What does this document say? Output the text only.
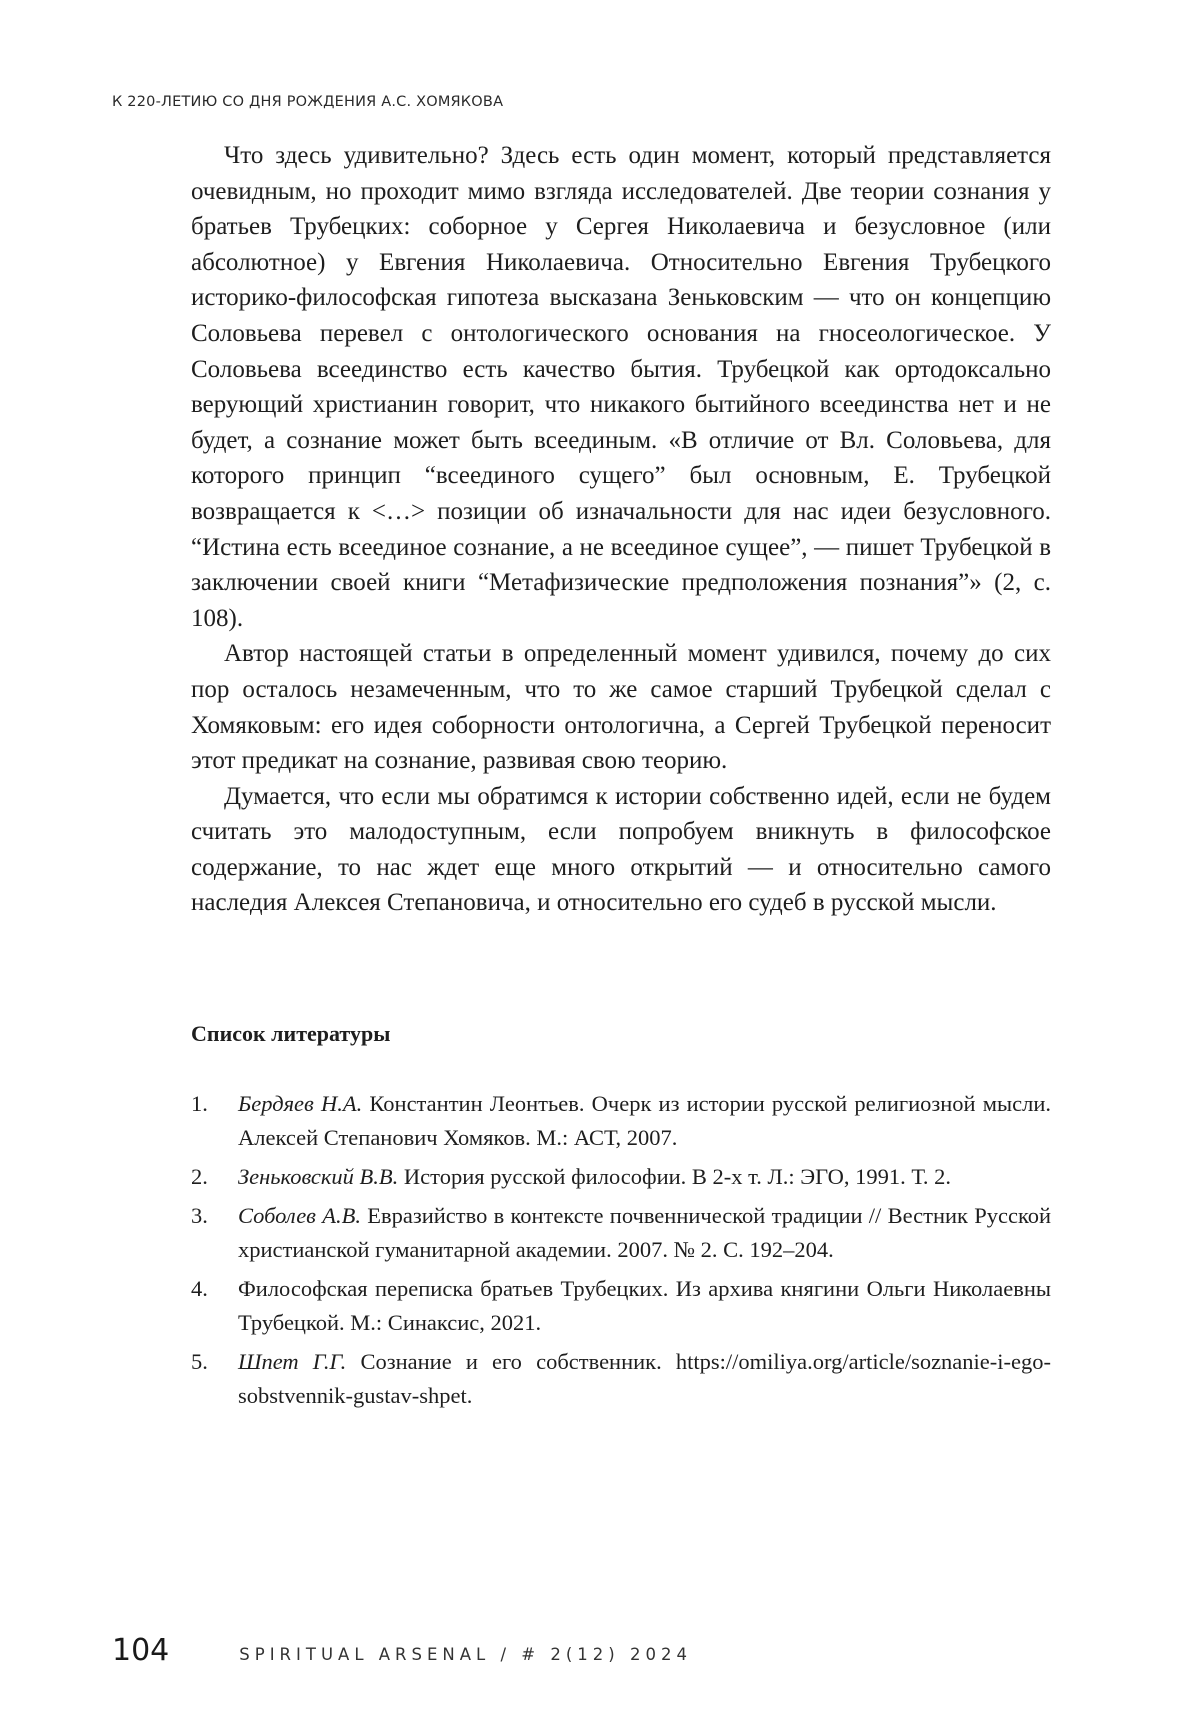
К 220-ЛЕТИЮ СО ДНЯ РОЖДЕНИЯ А.С. ХОМЯКОВА

Что здесь удивительно? Здесь есть один момент, который представляется очевидным, но проходит мимо взгляда исследователей. Две теории сознания у братьев Трубецких: соборное у Сергея Николаевича и безусловное (или абсолютное) у Евгения Николаевича. Относительно Евгения Трубецкого историко-философская гипотеза высказана Зеньковским — что он концепцию Соловьева перевел с онтологического основания на гносеологическое. У Соловьева всеединство есть качество бытия. Трубецкой как ортодоксально верующий христианин говорит, что никакого бытийного всеединства нет и не будет, а сознание может быть всеединым. «В отличие от Вл. Соловьева, для которого принцип “всеединого сущего” был основным, Е. Трубецкой возвращается к <…> позиции об изначальности для нас идеи безусловного. “Истина есть всеединое сознание, а не всеединое сущее”, — пишет Трубецкой в заключении своей книги “Метафизические предположения познания”» (2, с. 108).

Автор настоящей статьи в определенный момент удивился, почему до сих пор осталось незамеченным, что то же самое старший Трубецкой сделал с Хомяковым: его идея соборности онтологична, а Сергей Трубецкой переносит этот предикат на сознание, развивая свою теорию.

Думается, что если мы обратимся к истории собственно идей, если не будем считать это малодоступным, если попробуем вникнуть в философское содержание, то нас ждет еще много открытий — и относительно самого наследия Алексея Степановича, и относительно его судеб в русской мысли.

Список литературы
1.	Бердяев Н.А. Константин Леонтьев. Очерк из истории русской религиозной мысли. Алексей Степанович Хомяков. М.: АСТ, 2007.
2.	Зеньковский В.В. История русской философии. В 2-х т. Л.: ЭГО, 1991. Т. 2.
3.	Соболев А.В. Евразийство в контексте почвеннической традиции // Вестник Русской христианской гуманитарной академии. 2007. № 2. С. 192–204.
4.	Философская переписка братьев Трубецких. Из архива княгини Ольги Николаевны Трубецкой. М.: Синаксис, 2021.
5.	Шпет Г.Г. Сознание и его собственник. https://omiliya.org/article/soznanie-i-ego-sobstvennik-gustav-shpet.
104	SPIRITUAL ARSENAL / # 2(12) 2024
